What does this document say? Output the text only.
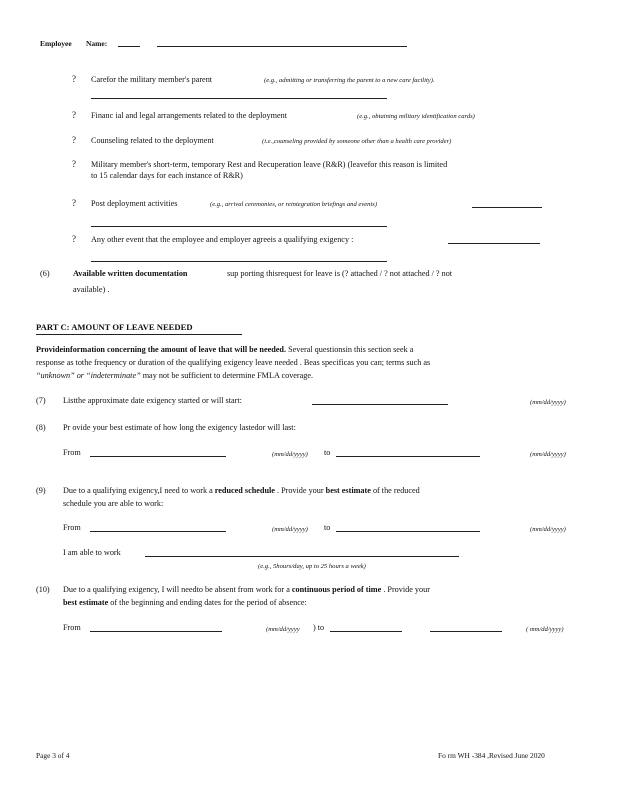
Employee Name:
? Carefor the military member's parent	(e.g., admitting or transferring the parent to a new care facility).
? Financ ial and legal arrangements related to the deployment	(e.g., obtaining military identification cards)
? Counseling related to the deployment	(i.e.,counseling provided by someone other than a health care provider)
? Military member's short-term, temporary Rest and Recuperation leave (R&R) (leavefor this reason is limited
to 15 calendar days for each instance of R&R)
? Post deployment activities	(e.g., arrival ceremonies, or reintegration briefings and events)
? Any other event that the employee and employer agreeis a qualifying exigency :
(6)	Available written documentation	sup porting thisrequest for leave is (? attached / ? not attached / ? not
available) .
PART C: AMOUNT OF LEAVE NEEDED
Provideinformation concerning the amount of leave that will be needed. Several questionsin this section seek a
response as tothe frequency or duration of the qualifying exigency leave needed . Beas specificas you can; terms such as
“unknown” or “indeterminate” may not be sufficient to determine FMLA coverage.
(7) Listthe approximate date exigency started or will start:	(mm/dd/yyyy)
(8) Pr ovide your best estimate of how long the exigency lastedor will last:
From	(mm/dd/yyyy) to	(mm/dd/yyyy)
(9) Due to a qualifying exigency,I need to work a reduced schedule . Provide your best estimate of the reduced
schedule you are able to work:
From	(mm/dd/yyyy) to	(mm/dd/yyyy)
I am able to work
(e.g., 5hours/day, up to 25 hours a week)
(10) Due to a qualifying exigency, I will needto be absent from work for a continuous period of time . Provide your
best estimate of the beginning and ending dates for the period of absence:
From	(mm/dd/yyyy ) to	( mm/dd/yyyy)
Page 3 of 4	Fo rm WH -384 ,Revised June 2020
